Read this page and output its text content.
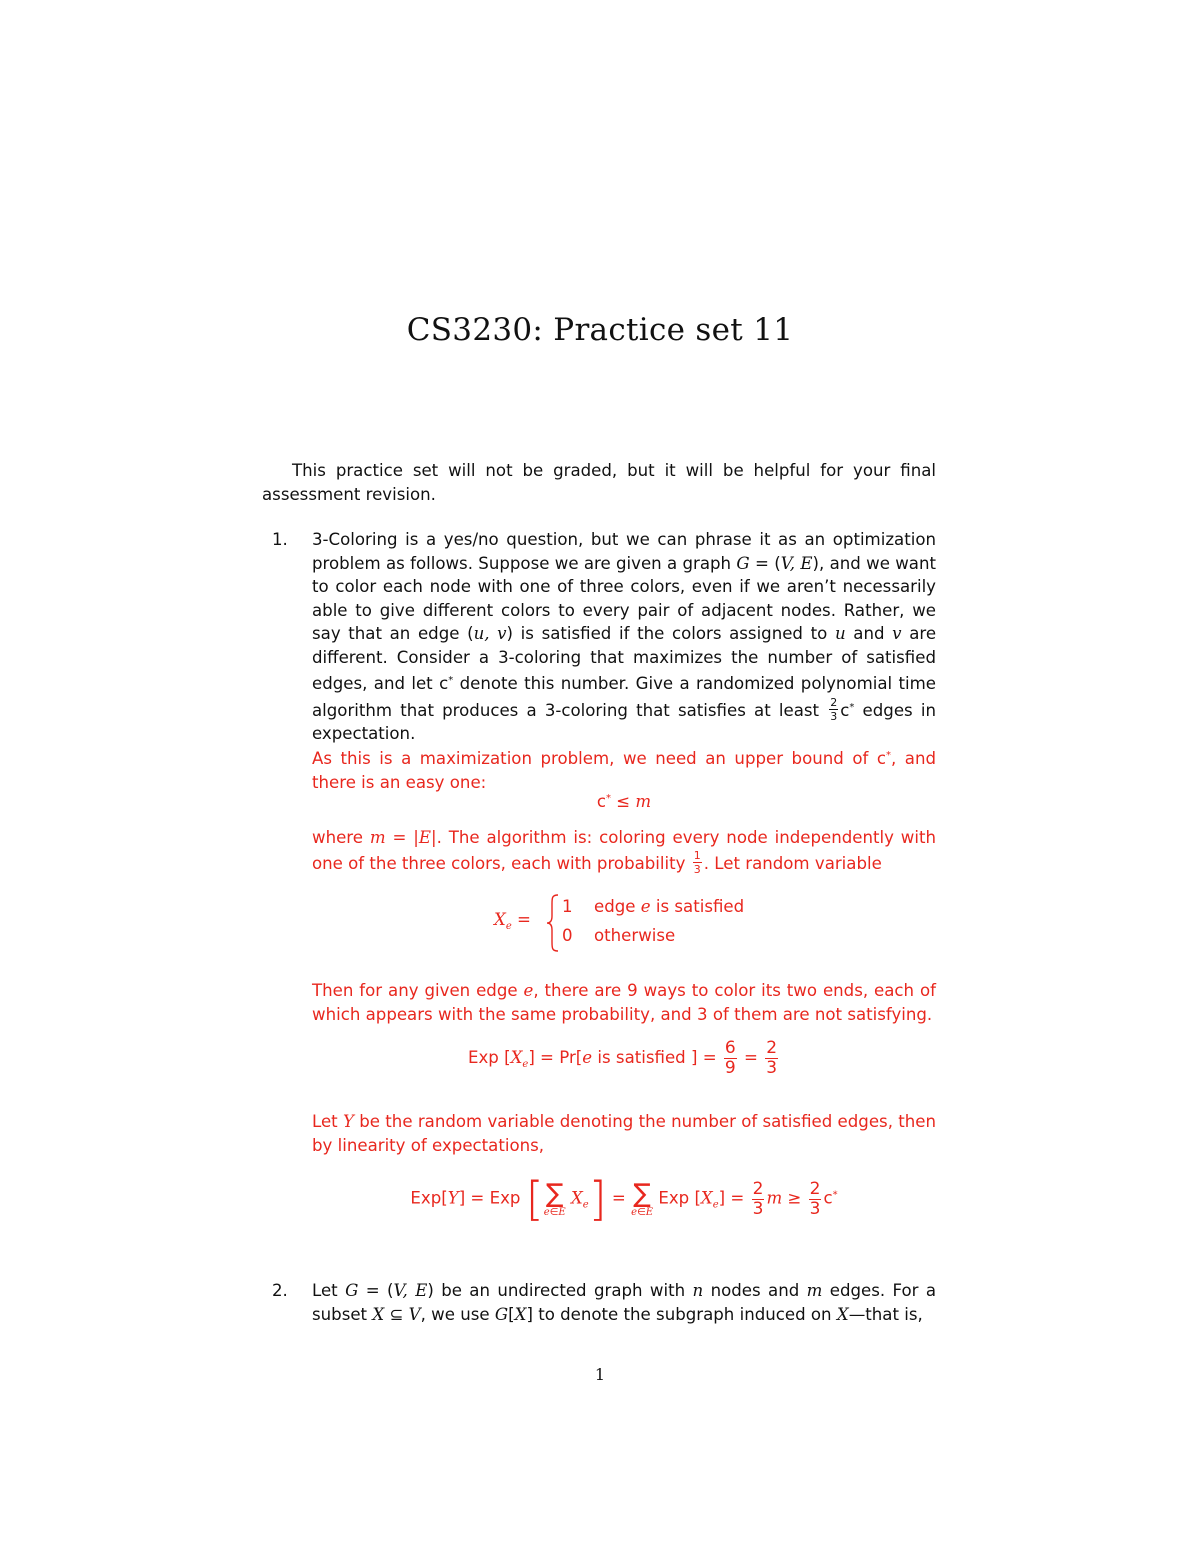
CS3230: Practice set 11
This practice set will not be graded, but it will be helpful for your final assessment revision.
1. 3-Coloring is a yes/no question, but we can phrase it as an optimization problem as follows. Suppose we are given a graph G = (V, E), and we want to color each node with one of three colors, even if we aren’t necessarily able to give different colors to every pair of adjacent nodes. Rather, we say that an edge (u, v) is satisfied if the colors assigned to u and v are different. Consider a 3-coloring that maximizes the number of satisfied edges, and let c* denote this number. Give a randomized polynomial time algorithm that produces a 3-coloring that satisfies at least $\frac{2}{3} c^*$ edges in expectation.
As this is a maximization problem, we need an upper bound of c*, and there is an easy one:
c* ≤ m
where m = |E|. The algorithm is: coloring every node independently with one of the three colors, each with probability $\frac{1}{3}$ . Let random variable
$X_e$ =
1 edge e is satisfied
0 otherwise
Then for any given edge e, there are 9 ways to color its two ends, each of which appears with the same probability, and 3 of them are not satisfying.
Exp $[X_e] = Pr[e$ is satisfied ] = $\frac{6}{9} = \frac{2}{3}$
Let Y be the random variable denoting the number of satisfied edges, then by linearity of expectations,
Exp[Y] = Exp [ ∑
e∈E
$X_e$] = ∑
e∈E
Exp $[X_e] = \frac{2}{3}$ $m \ge \frac{2}{3} c^*$
2. Let G = (V, E) be an undirected graph with n nodes and m edges. For a subset X ⊆ V, we use G[X] to denote the subgraph induced on X—that is,
1
